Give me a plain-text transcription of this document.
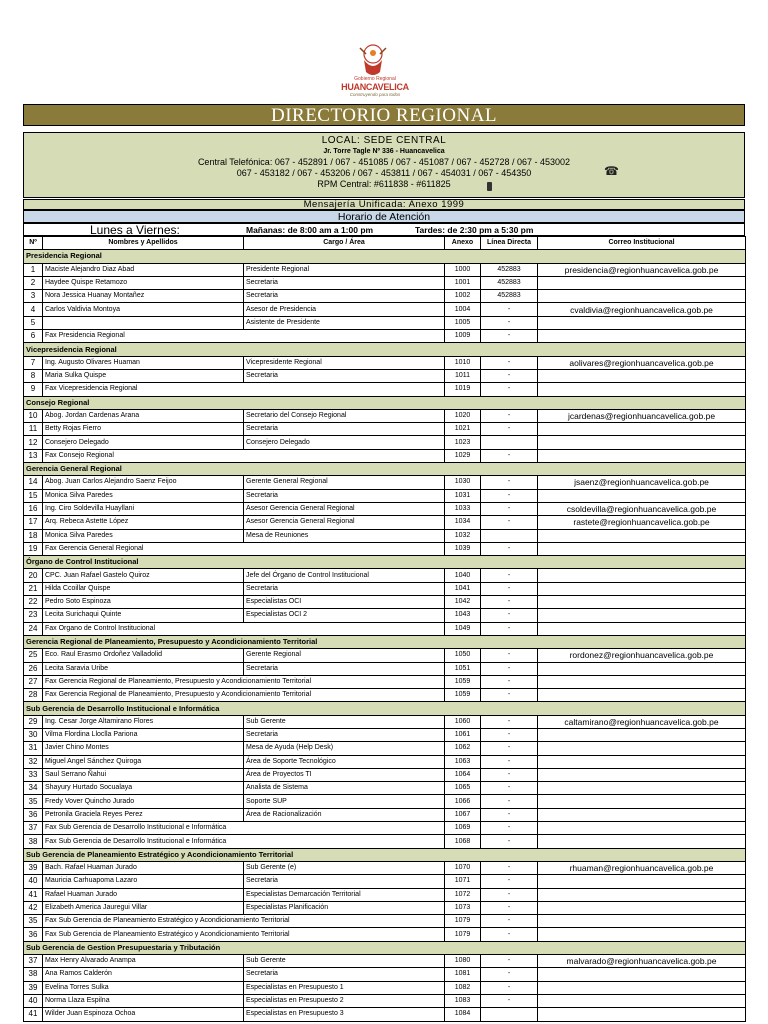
Gobierno Regional
HUANCAVELICA
Construyendo para todos
DIRECTORIO REGIONAL
LOCAL: SEDE CENTRAL
Jr. Torre Tagle Nº 336 - Huancavelica
Central Telefónica: 067 - 452891 / 067 - 451085 / 067 - 451087 / 067 - 452728 / 067 - 453002
067 - 453182 / 067 - 453206 / 067 - 453811 / 067 - 454031 / 067 - 454350
RPM Central: #611838 - #611825
☎
Mensajería Unificada: Anexo 1999
Horario de Atención
Lunes a Viernes:	Mañanas: de 8:00 am a 1:00 pm	Tardes: de 2:30 pm a 5:30 pm
Nº	Nombres y Apellidos	Cargo / Área	Anexo	Línea Directa	Correo Institucional
Presidencia Regional					
1	Maciste Alejandro Diaz Abad	Presidente Regional	1000	452883	presidencia@regionhuancavelica.gob.pe
2	Haydee Quispe Retamozo	Secretaria	1001	452883	
3	Nora Jessica Huanay Montañez	Secretaria	1002	452883	
4	Carlos Valdivia Montoya	Asesor de Presidencia	1004	-	cvaldivia@regionhuancavelica.gob.pe
5		Asistente de Presidente	1005	-	
6	Fax Presidencia Regional		1009	-	
Vicepresidencia Regional					
7	Ing. Augusto Olivares Huaman	Vicepresidente Regional	1010	-	aolivares@regionhuancavelica.gob.pe
8	Maria Sulka Quispe	Secretaria	1011	-	
9	Fax Vicepresidencia Regional		1019	-	
Consejo Regional					
10	Abog. Jordan Cardenas Arana	Secretario del Consejo Regional	1020	-	jcardenas@regionhuancavelica.gob.pe
11	Betty Rojas Fierro	Secretaria	1021	-	
12	Consejero Delegado	Consejero Delegado	1023		
13	Fax Consejo Regional		1029	-	
Gerencia General Regional					
14	Abog. Juan Carlos Alejandro Saenz Feijoo	Gerente General Regional	1030	-	jsaenz@regionhuancavelica.gob.pe
15	Monica Silva Paredes	Secretaria	1031	-	
16	Ing. Ciro Soldevilla Huayllani	Asesor Gerencia General Regional	1033	-	csoldevilla@regionhuancavelica.gob.pe
17	Arq. Rebeca Astette López	Asesor Gerencia General Regional	1034	-	rastete@regionhuancavelica.gob.pe
18	Monica Silva Paredes	Mesa de Reuniones	1032		
19	Fax Gerencia General Regional		1039	-	
Órgano de Control Institucional					
20	CPC. Juan Rafael Gastelo Quiroz	Jefe del Órgano de Control Institucional	1040	-	
21	Hilda Ccoillar Quispe	Secretaria	1041	-	
22	Pedro Soto Espinoza	Especialistas OCI	1042	-	
23	Lecita Surichaqui Quinte	Especialistas OCI 2	1043	-	
24	Fax Organo de Control Institucional		1049	-	
Gerencia Regional de Planeamiento, Presupuesto y Acondicionamiento Territorial					
25	Eco. Raul Erasmo Ordoñez Valladolid	Gerente Regional	1050	-	rordonez@regionhuancavelica.gob.pe
26	Lecita Saravia Uribe	Secretaria	1051	-	
27	Fax Gerencia Regional de Planeamiento, Presupuesto y Acondicionamiento Territorial		1059	-	
28	Fax Gerencia Regional de Planeamiento, Presupuesto y Acondicionamiento Territorial		1059	-	
Sub Gerencia de Desarrollo Institucional e Informática					
29	Ing. Cesar Jorge Altamirano Flores	Sub Gerente	1060	-	caltamirano@regionhuancavelica.gob.pe
30	Vilma Flordina Lloclla Pariona	Secretaria	1061	-	
31	Javier Chino Montes	Mesa de Ayuda (Help Desk)	1062	-	
32	Miguel Angel Sánchez Quiroga	Área de Soporte Tecnológico	1063	-	
33	Saul Serrano Ñahui	Área de Proyectos TI	1064	-	
34	Shayury Hurtado Socualaya	Analista de Sistema	1065	-	
35	Fredy Vover Quincho Jurado	Soporte SUP	1066	-	
36	Petronila Graciela Reyes Perez	Área de Racionalización	1067	-	
37	Fax Sub Gerencia de Desarrollo Institucional e Informática		1069	-	
38	Fax Sub Gerencia de Desarrollo Institucional e Informática		1068	-	
Sub Gerencia de Planeamiento Estratégico y Acondicionamiento Territorial					
39	Bach. Rafael Huaman Jurado	Sub Gerente (e)	1070	-	rhuaman@regionhuancavelica.gob.pe
40	Mauricia Carhuapoma Lazaro	Secretaria	1071	-	
41	Rafael Huaman Jurado	Especialistas Demarcación Territorial	1072	-	
42	Elizabeth America Jauregui Villar	Especialistas Planificación	1073	-	
35	Fax Sub Gerencia de Planeamiento Estratégico y Acondicionamiento Territorial		1079	-	
36	Fax Sub Gerencia de Planeamiento Estratégico y Acondicionamiento Territorial		1079	-	
Sub Gerencia de Gestion Presupuestaria y Tributación					
37	Max Henry Alvarado Anampa	Sub Gerente	1080	-	malvarado@regionhuancavelica.gob.pe
38	Ana Ramos Calderón	Secretaria	1081	-	
39	Evelina Torres Sulka	Especialistas en Presupuesto 1	1082	-	
40	Norma Llaza Espilna	Especialistas en Presupuesto 2	1083	-	
41	Wilder Juan Espinoza Ochoa	Especialistas en Presupuesto 3	1084		
